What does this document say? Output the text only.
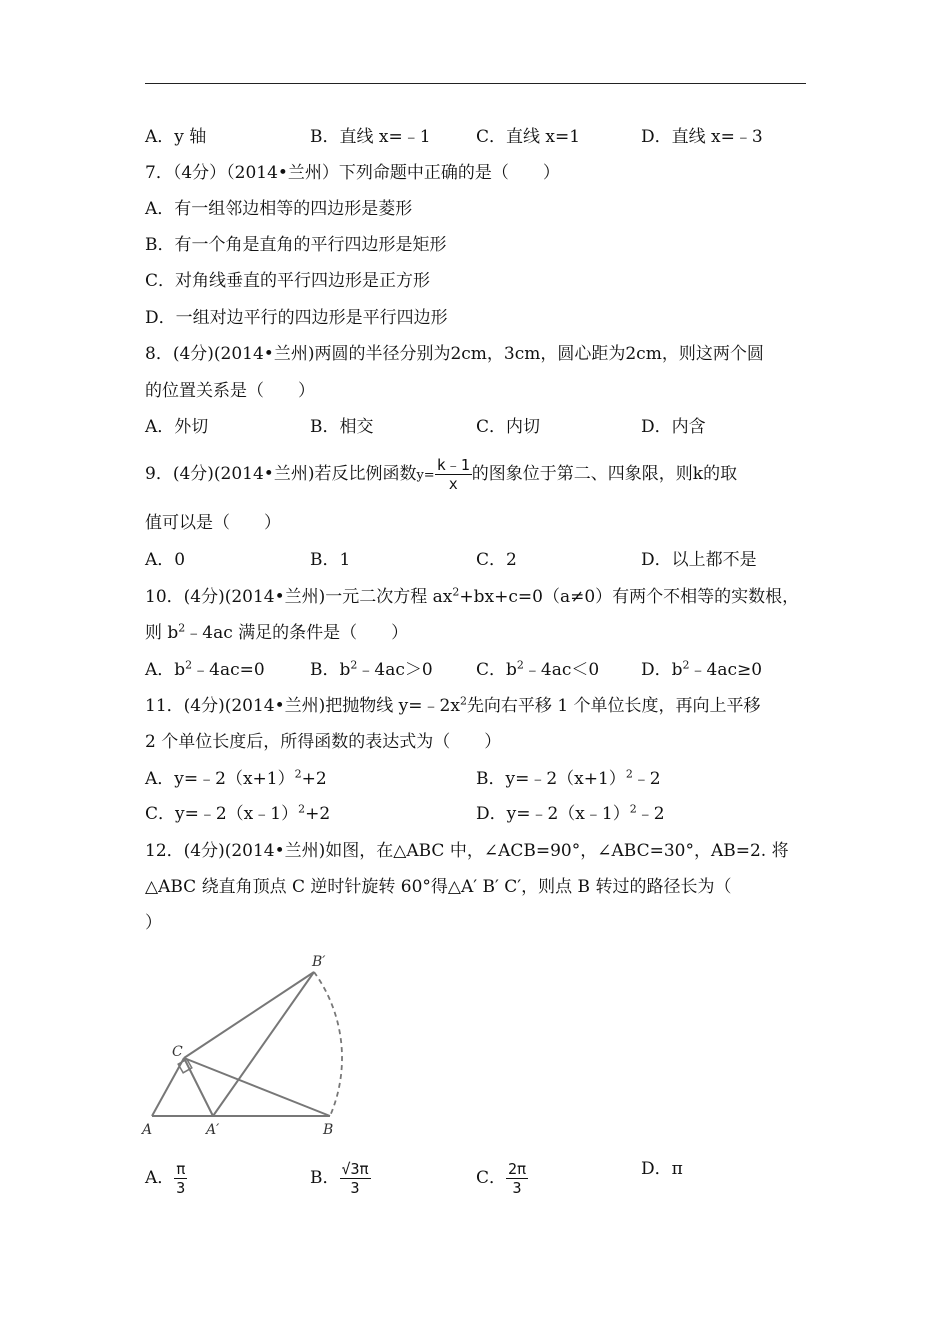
A．y 轴	B．直线 x=﹣1	C．直线 x=1	D．直线 x=﹣3
7．（4分）（2014•兰州）下列命题中正确的是（　　）
A．有一组邻边相等的四边形是菱形
B．有一个角是直角的平行四边形是矩形
C．对角线垂直的平行四边形是正方形
D．一组对边平行的四边形是平行四边形
8．(4分)(2014•兰州)两圆的半径分别为2cm，3cm，圆心距为2cm，则这两个圆
的位置关系是（　　）
A．外切	B．相交	C．内切	D．内含
9．(4分)(2014•兰州)若反比例函数$y= \frac{k﹣1}{x}$ 的图象位于第二、四象限，则k的取
值可以是（　　）
A．0	B．1	C．2	D．以上都不是
10．(4分)(2014•兰州)一元二次方程 $ax^2+bx+c=0(a\ne 0)$有两个不相等的实数根，
则 $b^2﹣4ac$ 满足的条件是（　　）
A．$b^2﹣4ac=0$	B．$b^2﹣4ac>0$	C．$b^2﹣4ac<0$ D．$b^2﹣4ac\ge 0$
11．(4分)(2014•兰州)把抛物线 $y=﹣2x^2$先向右平移 1 个单位长度，再向上平移
2 个单位长度后，所得函数的表达式为（　　）
A．$y=﹣2(x+1)^2+2$	B．$y=﹣2(x+1)^2﹣2$
C．y=﹣2（x﹣1）$^2$+2	D．y=﹣2（x﹣1）$^2$﹣2
12．(4分)(2014•兰州)如图，在△ABC 中，∠ACB=90°，∠ABC=30°，AB=2. 将
△ABC 绕直角顶点 C 逆时针旋转 60°得△A′ B′ C′，则点 B 转过的路径长为（
）
A	A′	B
B′
C
A． $\frac{\pi}{3}$	B． $\frac{√3\pi}{3}$	C． $\frac{2\pi}{3}$	D．π
